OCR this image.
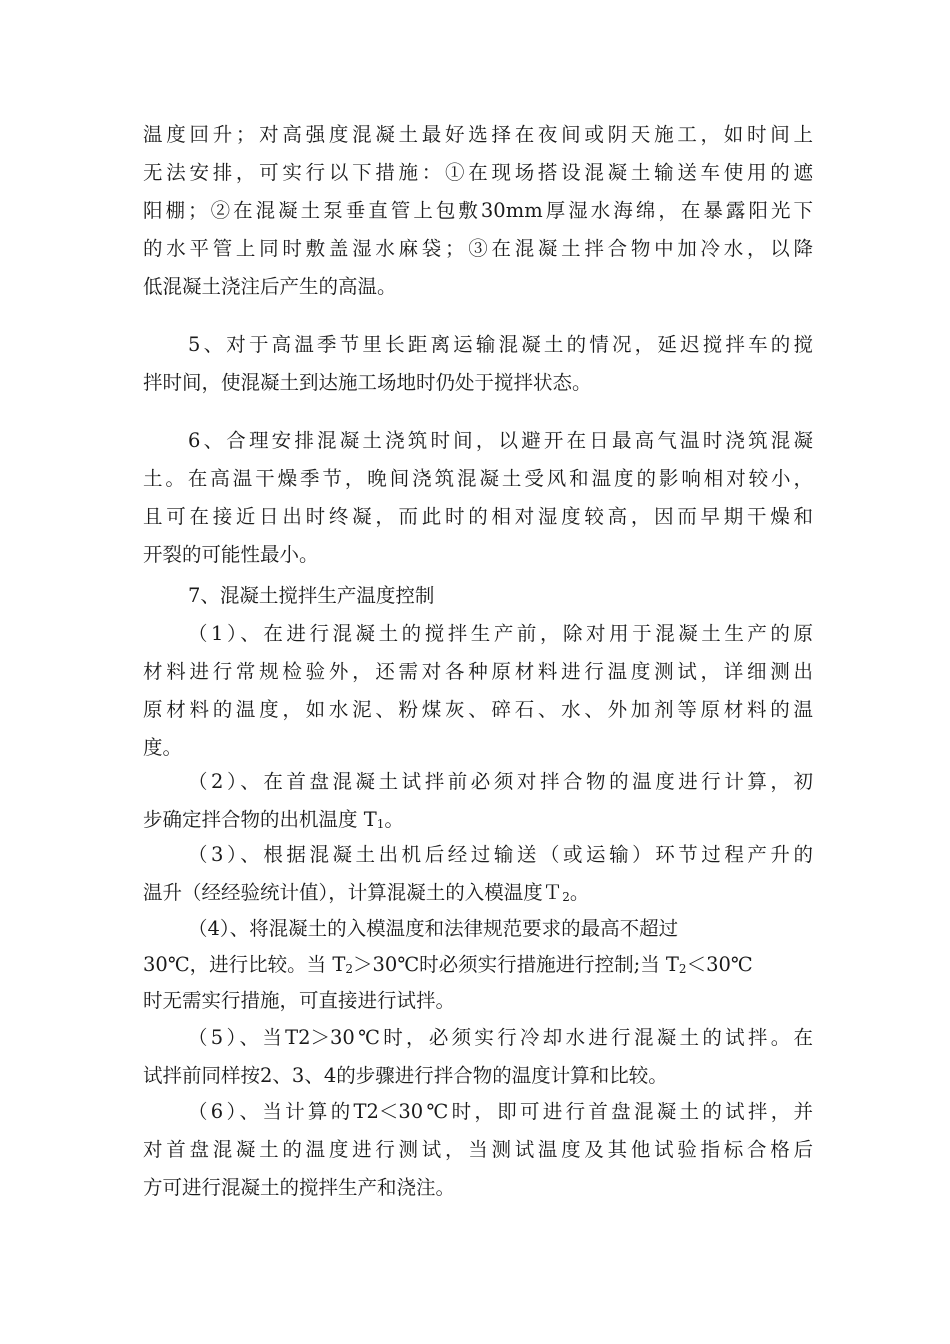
温度回升；对高强度混凝土最好选择在夜间或阴天施工，如时间上
无法安排，可实行以下措施：①在现场搭设混凝土输送车使用的遮
阳棚；②在混凝土泵垂直管上包敷30mm厚湿水海绵，在暴露阳光下
的水平管上同时敷盖湿水麻袋；③在混凝土拌合物中加冷水，以降
低混凝土浇注后产生的高温。
5、对于高温季节里长距离运输混凝土的情况，延迟搅拌车的搅
拌时间，使混凝土到达施工场地时仍处于搅拌状态。
6、合理安排混凝土浇筑时间，以避开在日最高气温时浇筑混凝
土。在高温干燥季节，晚间浇筑混凝土受风和温度的影响相对较小，
且可在接近日出时终凝，而此时的相对湿度较高，因而早期干燥和
开裂的可能性最小。
7、混凝土搅拌生产温度控制
（1）、在进行混凝土的搅拌生产前，除对用于混凝土生产的原
材料进行常规检验外，还需对各种原材料进行温度测试，详细测出
原材料的温度，如水泥、粉煤灰、碎石、水、外加剂等原材料的温
度。
（2）、在首盘混凝土试拌前必须对拌合物的温度进行计算，初
步确定拌合物的出机温度 $T_1$。
（3）、根据混凝土出机后经过输送（或运输）环节过程产升的
温升（经经验统计值），计算混凝土的入模温度Ｔ$_2$。
（4）、将混凝土的入模温度和法律规范要求的最高不超过
30℃，进行比较。当 $T_2>30℃$时必须实行措施进行控制;当 $T_2<30℃$
时无需实行措施，可直接进行试拌。
（5）、当T2＞30℃时，必须实行冷却水进行混凝土的试拌。在
试拌前同样按2、3、4的步骤进行拌合物的温度计算和比较。
（6）、当计算的T2＜30℃时，即可进行首盘混凝土的试拌，并
对首盘混凝土的温度进行测试，当测试温度及其他试验指标合格后
方可进行混凝土的搅拌生产和浇注。
